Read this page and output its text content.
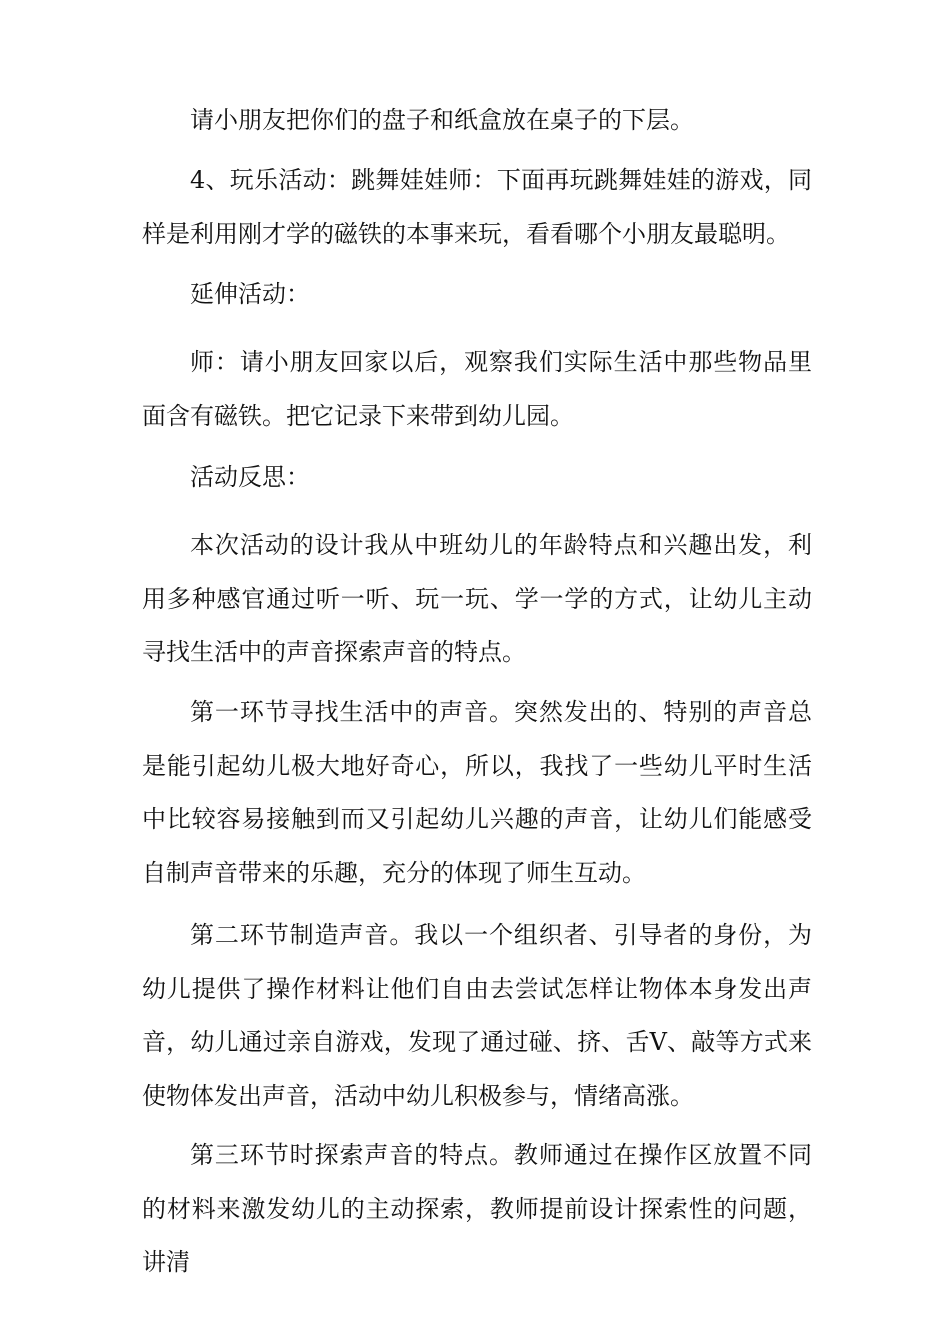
请小朋友把你们的盘子和纸盒放在桌子的下层。

4、玩乐活动：跳舞娃娃师：下面再玩跳舞娃娃的游戏，同样是利用刚才学的磁铁的本事来玩，看看哪个小朋友最聪明。

延伸活动：

师：请小朋友回家以后，观察我们实际生活中那些物品里面含有磁铁。把它记录下来带到幼儿园。

活动反思：

本次活动的设计我从中班幼儿的年龄特点和兴趣出发，利用多种感官通过听一听、玩一玩、学一学的方式，让幼儿主动寻找生活中的声音探索声音的特点。

第一环节寻找生活中的声音。突然发出的、特别的声音总是能引起幼儿极大地好奇心，所以，我找了一些幼儿平时生活中比较容易接触到而又引起幼儿兴趣的声音，让幼儿们能感受自制声音带来的乐趣，充分的体现了师生互动。

第二环节制造声音。我以一个组织者、引导者的身份，为幼儿提供了操作材料让他们自由去尝试怎样让物体本身发出声音，幼儿通过亲自游戏，发现了通过碰、挤、舌V、敲等方式来使物体发出声音，活动中幼儿积极参与，情绪高涨。

第三环节时探索声音的特点。教师通过在操作区放置不同的材料来激发幼儿的主动探索，教师提前设计探索性的问题，讲清
